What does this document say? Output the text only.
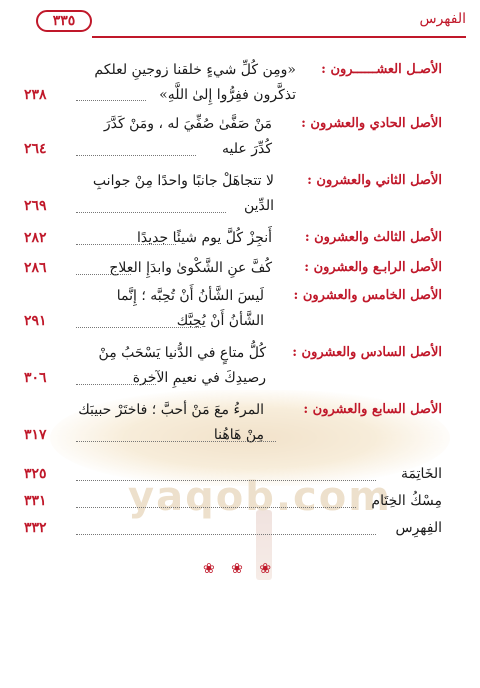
الفهرس
٣٣٥
yaqob.com
الأصـل العشــــــرون :
«ومِن كُلِّ شيءٍ خلقنا زوجينِ لعلكم
تذكَّرون ففِرُّوا إِلىٰ اللَّهِ»
٢٣٨
الأصل الحادي والعشرون :
مَنْ صَفَّىٰ صُفِّيَ له ، ومَنْ كَدَّرَ
كُدِّرَ عليه
٢٦٤
الأصل الثاني والعشرون :
لا تتجاهَلْ جانبًا واحدًا مِنْ جوانبِ
الدِّين
٢٦٩
الأصل الثالث والعشرون :
أَنجِزْ كُلَّ يوم شيئًا جديدًا
٢٨٢
الأصل الرابـع والعشرون :
كُفَّ عنِ الشَّكْوىٰ وابدَإِ العلاج
٢٨٦
الأصل الخامس والعشرون :
لَيسَ الشَّأنُ أَنْ تُحِبَّه ؛ إِنَّما
الشَّأنُ أَنْ يُحِبَّك
٢٩١
الأصل السادس والعشرون :
كُلُّ متاعٍ في الدُّنيا يَسْحَبُ مِنْ
رصيدِكَ في نعيمِ الآخرة
٣٠٦
الأصل السابع والعشرون :
المرءُ معَ مَنْ أحبَّ ؛ فاختَرْ حبيبَك
مِنْ هَاهُنا
٣١٧
الخَاتِمَة
٣٢٥
مِسْكُ الخِتَام
٣٣١
الفِهرِس
٣٣٢
❀ ❀ ❀
